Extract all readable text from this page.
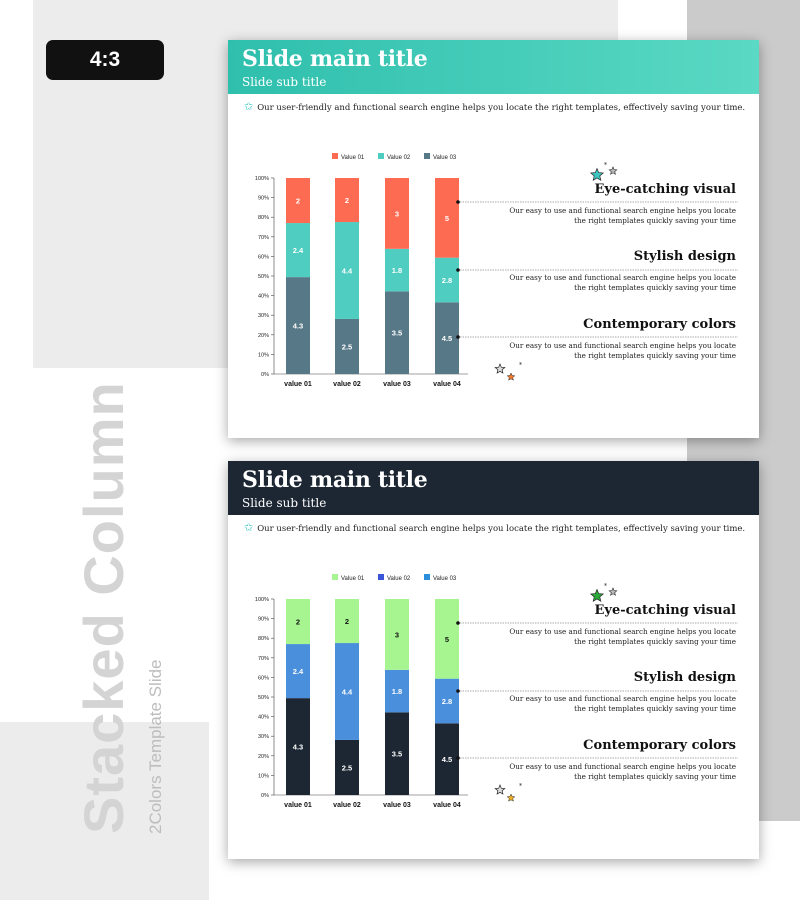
4:3
Stacked Column 2Colors Template Slide
Slide main title
Slide sub title
✩ Our user-friendly and functional search engine helps you locate the right templates, effectively saving your time.
0%
10%
20%
30%
40%
50%
60%
70%
80%
90%
100%
Value 01	Value 02	Value 03
4.3
2.4
2
value 01
2.5
4.4
2
value 02
3.5
1.8
3
value 03
4.5
2.8
5
value 04
*
*
Eye-catching visual
Our easy to use and functional search engine helps you locate the right templates quickly saving your time
Stylish design
Our easy to use and functional search engine helps you locate the right templates quickly saving your time
Contemporary colors
Our easy to use and functional search engine helps you locate the right templates quickly saving your time
Slide main title
Slide sub title
✩ Our user-friendly and functional search engine helps you locate the right templates, effectively saving your time.
0%
10%
20%
30%
40%
50%
60%
70%
80%
90%
100%
Value 01	Value 02	Value 03
4.3
2.4
2
value 01
2.5
4.4
2
value 02
3.5
1.8
3
value 03
4.5
2.8
5
value 04
*
*
Eye-catching visual
Our easy to use and functional search engine helps you locate the right templates quickly saving your time
Stylish design
Our easy to use and functional search engine helps you locate the right templates quickly saving your time
Contemporary colors
Our easy to use and functional search engine helps you locate the right templates quickly saving your time
